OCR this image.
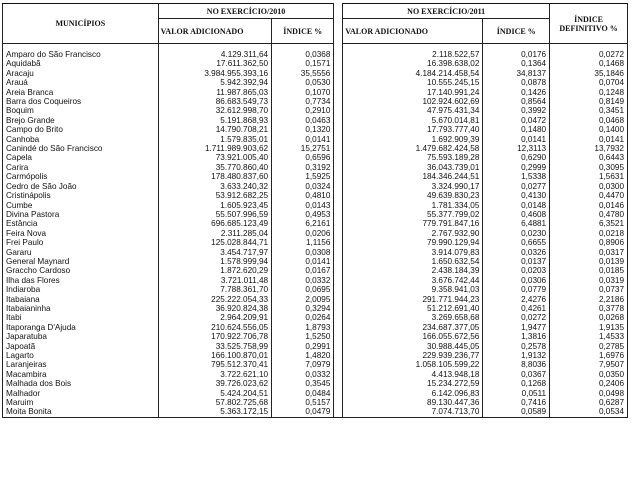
MUNICÍPIOS	NO EXERCÍCIO/2010			NO EXERCÍCIO/2011		ÍNDICE DEFINITIVO %
	VALOR ADICIONADO	ÍNDICE %		VALOR ADICIONADO	ÍNDICE %	

Amparo do São Francisco	4.129.311,64	0,0368		2.118.522,57	0,0176	0,0272
Aquidabã	17.611.362,50	0,1571		16.398.638,02	0,1364	0,1468
Aracaju	3.984.955.393,16	35,5556		4.184.214.458,54	34,8137	35,1846
Arauá	5.942.392,94	0,0530		10.555.245,15	0,0878	0,0704
Areia Branca	11.987.865,03	0,1070		17.140.991,24	0,1426	0,1248
Barra dos Coqueiros	86.683.549,73	0,7734		102.924.602,69	0,8564	0,8149
Boquim	32.612.998,70	0,2910		47.975.431,34	0,3992	0,3451
Brejo Grande	5.191.868,93	0,0463		5.670.014,81	0,0472	0,0468
Campo do Brito	14.790.708,21	0,1320		17.793.777,40	0,1480	0,1400
Canhoba	1.579.835,01	0,0141		1.692.909,39	0,0141	0,0141
Canindé do São Francisco	1.711.989.903,62	15,2751		1.479.682.424,58	12,3113	13,7932
Capela	73.921.005,40	0,6596		75.593.189,28	0,6290	0,6443
Carira	35.770.860,40	0,3192		36.043.739,01	0,2999	0,3095
Carmópolis	178.480.837,60	1,5925		184.346.244,51	1,5338	1,5631
Cedro de São João	3.633.240,32	0,0324		3.324.990,17	0,0277	0,0300
Cristinápolis	53.912.682,25	0,4810		49.639.830,23	0,4130	0,4470
Cumbe	1.605.923,45	0,0143		1.781.334,05	0,0148	0,0146
Divina Pastora	55.507.996,59	0,4953		55.377.799,02	0,4608	0,4780
Estância	696.685.123,49	6,2161		779.791.847,16	6,4881	6,3521
Feira Nova	2.311.285,04	0,0206		2.767.932,90	0,0230	0,0218
Frei Paulo	125.028.844,71	1,1156		79.990.129,94	0,6655	0,8906
Gararu	3.454.717,97	0,0308		3.914.079,83	0,0326	0,0317
General Maynard	1.578.999,94	0,0141		1.650.632,54	0,0137	0,0139
Graccho Cardoso	1.872.620,29	0,0167		2.438.184,39	0,0203	0,0185
Ilha das Flores	3.721.011,48	0,0332		3.676.742,44	0,0306	0,0319
Indiaroba	7.788.361,70	0,0695		9.358.941,03	0,0779	0,0737
Itabaiana	225.222.054,33	2,0095		291.771.944,23	2,4276	2,2186
Itabaianinha	36.920.824,38	0,3294		51.212.691,40	0,4261	0,3778
Itabi	2.964.209,91	0,0264		3.269.658,68	0,0272	0,0268
Itaporanga D'Ajuda	210.624.556,05	1,8793		234.687.377,05	1,9477	1,9135
Japaratuba	170.922.706,78	1,5250		166.055.672,56	1,3816	1,4533
Japoatã	33.525.758,99	0,2991		30.988.445,05	0,2578	0,2785
Lagarto	166.100.870,01	1,4820		229.939.236,77	1,9132	1,6976
Laranjeiras	795.512.370,41	7,0979		1.058.105.599,22	8,8036	7,9507
Macambira	3.722.621,10	0,0332		4.413.948,18	0,0367	0,0350
Malhada dos Bois	39.726.023,62	0,3545		15.234.272,59	0,1268	0,2406
Malhador	5.424.204,51	0,0484		6.142.096,83	0,0511	0,0498
Maruim	57.802.725,68	0,5157		89.130.447,36	0,7416	0,6287
Moita Bonita	5.363.172,15	0,0479		7.074.713,70	0,0589	0,0534
